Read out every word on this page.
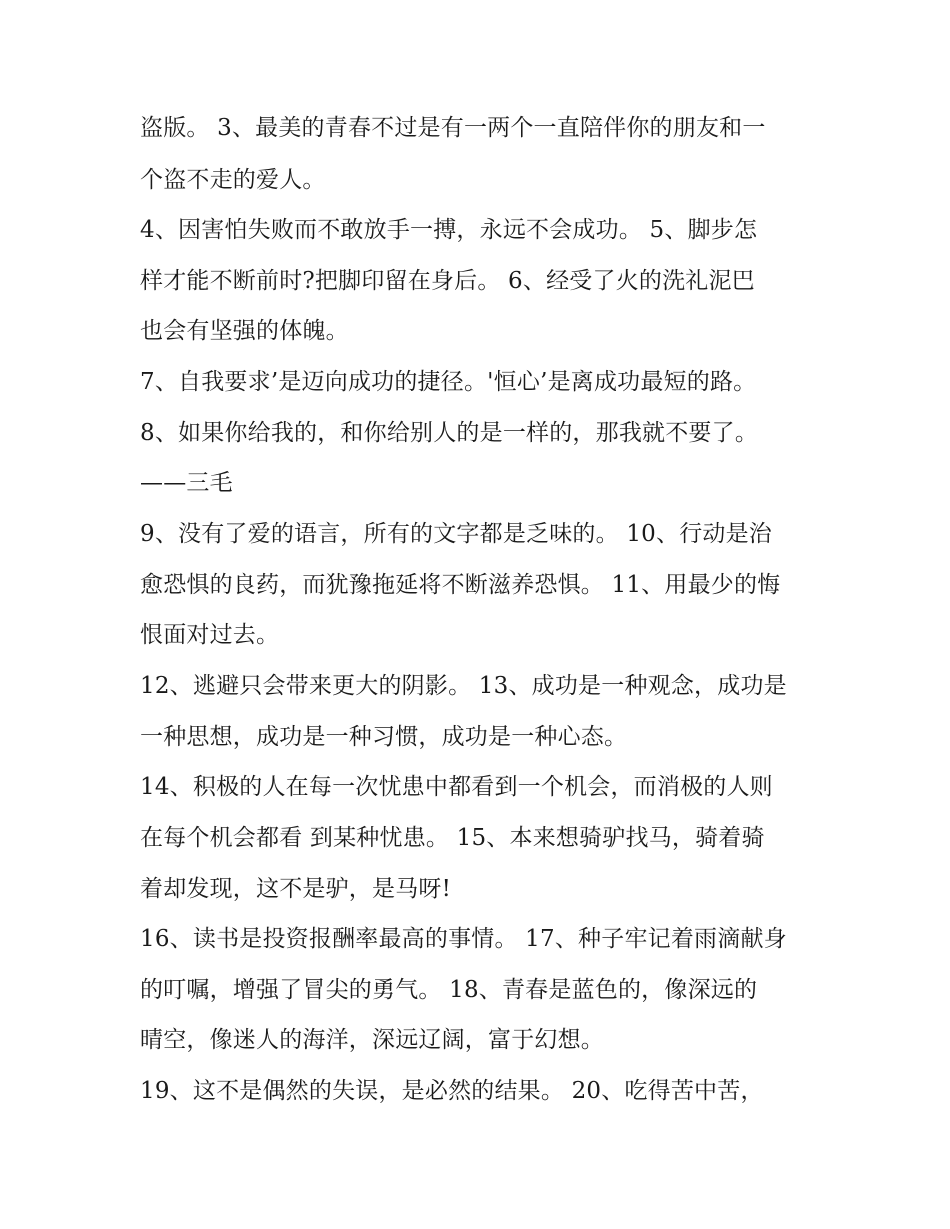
盗版。 3、最美的青春不过是有一两个一直陪伴你的朋友和一
个盗不走的爱人。
4、因害怕失败而不敢放手一搏，永远不会成功。 5、脚步怎
样才能不断前时?把脚印留在身后。 6、经受了火的洗礼泥巴
也会有坚强的体魄。
7、自我要求’是迈向成功的捷径。'恒心’是离成功最短的路。
8、如果你给我的，和你给别人的是一样的，那我就不要了。
——三毛
9、没有了爱的语言，所有的文字都是乏味的。 10、行动是治
愈恐惧的良药，而犹豫拖延将不断滋养恐惧。 11、用最少的悔
恨面对过去。
12、逃避只会带来更大的阴影。 13、成功是一种观念，成功是
一种思想，成功是一种习惯，成功是一种心态。
14、积极的人在每一次忧患中都看到一个机会，而消极的人则
在每个机会都看 到某种忧患。 15、本来想骑驴找马，骑着骑
着却发现，这不是驴，是马呀!
16、读书是投资报酬率最高的事情。 17、种子牢记着雨滴献身
的叮嘱，增强了冒尖的勇气。 18、青春是蓝色的，像深远的
晴空，像迷人的海洋，深远辽阔，富于幻想。
19、这不是偶然的失误，是必然的结果。 20、吃得苦中苦，
